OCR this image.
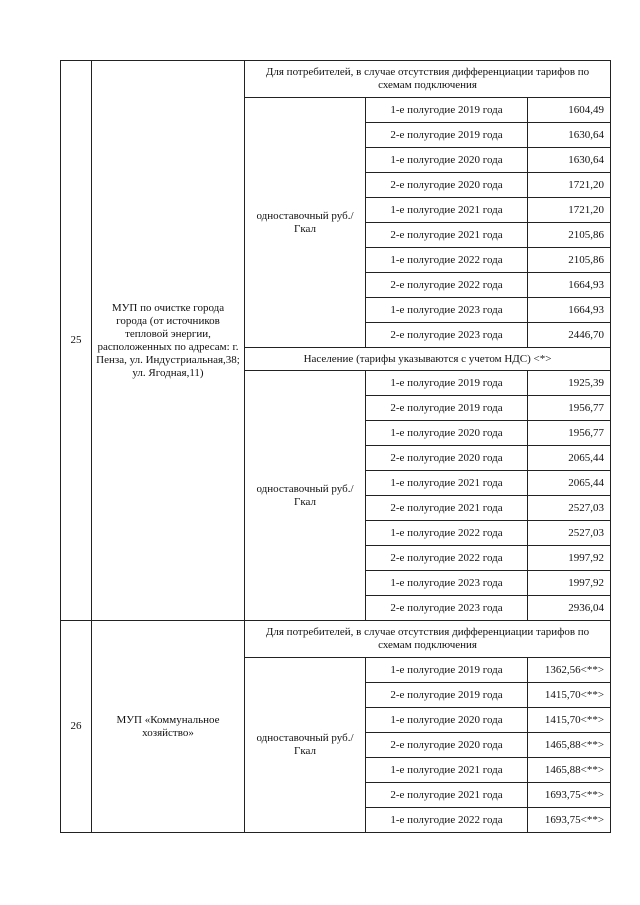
25	МУП по очистке города города (от источников тепловой энергии, расположенных по адресам: г. Пенза, ул. Индустриальная,38; ул. Ягодная,11)	Для потребителей, в случае отсутствия дифференциации тарифов по схемам подключения		
		одноставочный руб./Гкал	1-е полугодие 2019 года	1604,49
			2-е полугодие 2019 года	1630,64
			1-е полугодие 2020 года	1630,64
			2-е полугодие 2020 года	1721,20
			1-е полугодие 2021 года	1721,20
			2-е полугодие 2021 года	2105,86
			1-е полугодие 2022 года	2105,86
			2-е полугодие 2022 года	1664,93
			1-е полугодие 2023 года	1664,93
			2-е полугодие 2023 года	2446,70
		Население (тарифы указываются с учетом НДС) <*>		
		одноставочный руб./Гкал	1-е полугодие 2019 года	1925,39
			2-е полугодие 2019 года	1956,77
			1-е полугодие 2020 года	1956,77
			2-е полугодие 2020 года	2065,44
			1-е полугодие 2021 года	2065,44
			2-е полугодие 2021 года	2527,03
			1-е полугодие 2022 года	2527,03
			2-е полугодие 2022 года	1997,92
			1-е полугодие 2023 года	1997,92
			2-е полугодие 2023 года	2936,04
26	МУП «Коммунальное хозяйство»	Для потребителей, в случае отсутствия дифференциации тарифов по схемам подключения		
		одноставочный руб./Гкал	1-е полугодие 2019 года	1362,56<**>
			2-е полугодие 2019 года	1415,70<**>
			1-е полугодие 2020 года	1415,70<**>
			2-е полугодие 2020 года	1465,88<**>
			1-е полугодие 2021 года	1465,88<**>
			2-е полугодие 2021 года	1693,75<**>
			1-е полугодие 2022 года	1693,75<**>
